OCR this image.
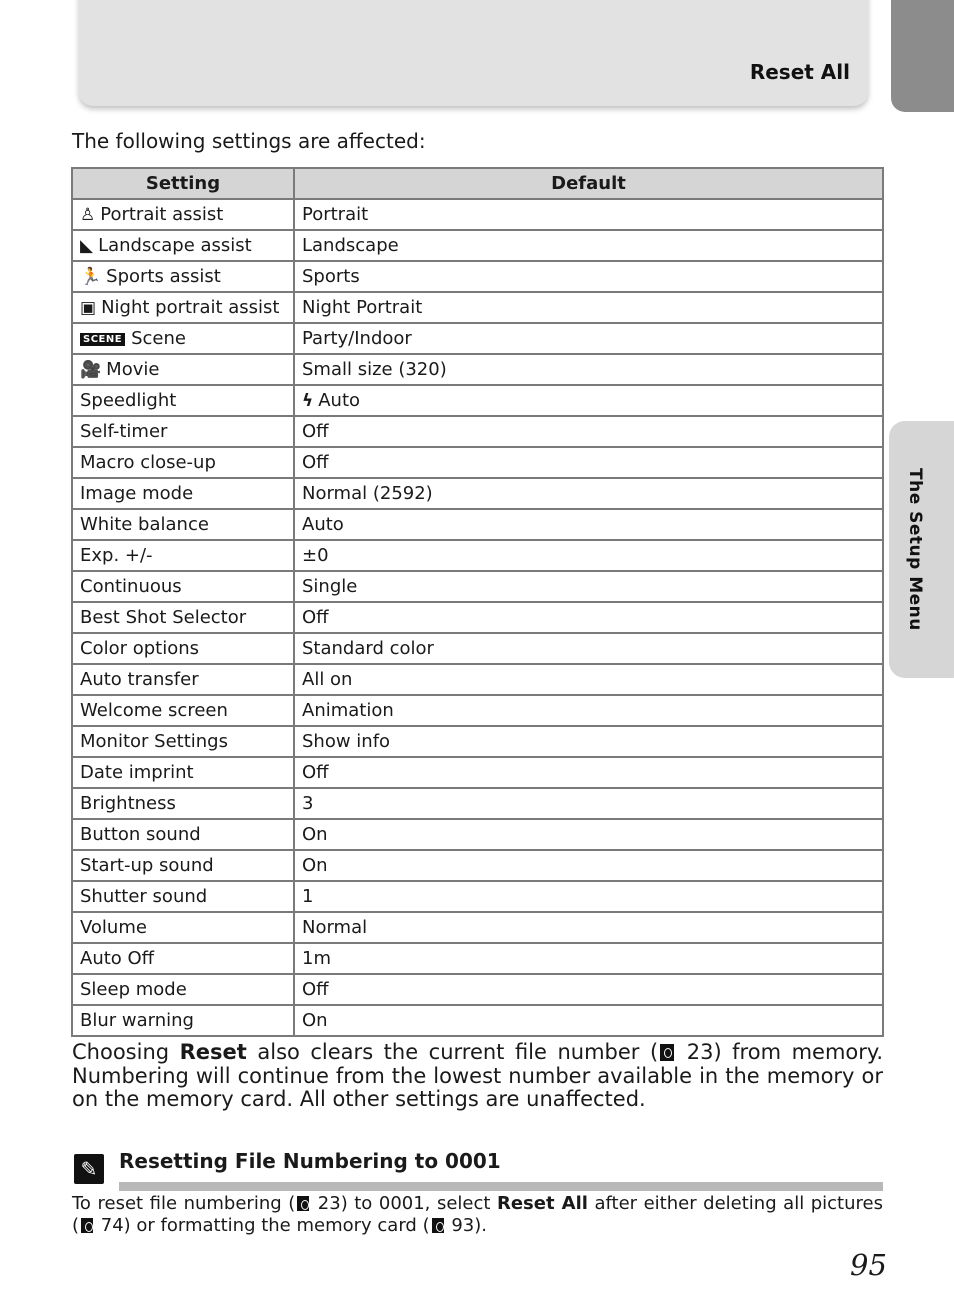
Reset All
The Setup Menu
The following settings are affected:
Setting	Default
♙ Portrait assist	Portrait
◣ Landscape assist	Landscape
🏃 Sports assist	Sports
▣ Night portrait assist	Night Portrait
SCENE Scene	Party/Indoor
🎥 Movie	Small size (320)
Speedlight	ϟ Auto
Self-timer	Off
Macro close-up	Off
Image mode	Normal (2592)
White balance	Auto
Exp. +/-	±0
Continuous	Single
Best Shot Selector	Off
Color options	Standard color
Auto transfer	All on
Welcome screen	Animation
Monitor Settings	Show info
Date imprint	Off
Brightness	3
Button sound	On
Start-up sound	On
Shutter sound	1
Volume	Normal
Auto Off	1m
Sleep mode	Off
Blur warning	On
Choosing Reset also clears the current file number ( 23) from memory. Numbering will continue from the lowest number available in the memory or on the memory card. All other settings are unaffected.
✎	Resetting File Numbering to 0001
To reset file numbering ( 23) to 0001, select Reset All after either deleting all pictures ( 74) or formatting the memory card ( 93).
95
